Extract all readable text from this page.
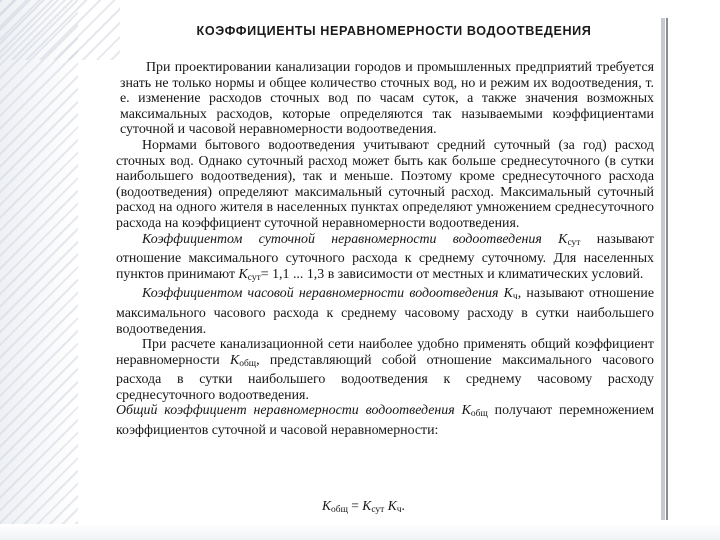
КОЭФФИЦИЕНТЫ НЕРАВНОМЕРНОСТИ ВОДООТВЕДЕНИЯ

При проектировании канализации городов и промышленных предприятий требуется знать не только нормы и общее количество сточных вод, но и режим их водоотведения, т. е. изменение расходов сточных вод по часам суток, а также значения возможных максимальных расходов, которые определяются так называемыми коэффициентами суточной и часовой неравномерности водоотведения.

Нормами бытового водоотведения учитывают средний суточный (за год) расход сточных вод. Однако суточный расход может быть как больше среднесуточного (в сутки наибольшего водоотведения), так и меньше. Поэтому кроме среднесуточного расхода (водоотведения) определяют максимальный суточный расход. Максимальный суточный расход на одного жителя в населенных пунктах определяют умножением среднесуточного расхода на коэффициент суточной неравномерности водоотведения.

Коэффициентом суточной неравномерности водоотведения $K_{сут}$ называют отношение максимального суточного расхода к среднему суточному. Для населенных пунктов принимают $K_{сут}= 1,1$ ... 1,3 в зависимости от местных и климатических условий.

Коэффициентом часовой неравномерности водоотведения $K_ч$, называют отношение максимального часового расхода к среднему часовому расходу в сутки наибольшего водоотведения.

При расчете канализационной сети наиболее удобно применять общий коэффициент неравномерности $K_{общ}$, представляющий собой отношение максимального часового расхода в сутки наибольшего водоотведения к среднему часовому расходу среднесуточного водоотведения.

Общий коэффициент неравномерности водоотведения $K_{общ}$ получают перемножением коэффициентов суточной и часовой неравномерности:

$K_{общ} = K_{сут}$ $K_ч$.
